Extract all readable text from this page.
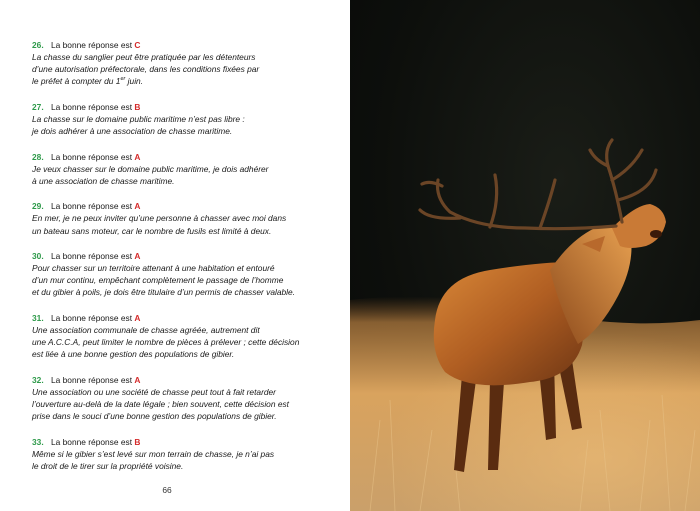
26. La bonne réponse est C
La chasse du sanglier peut être pratiquée par les détenteurs
d’une autorisation préfectorale, dans les conditions fixées par
le préfet à compter du 1er juin.
27. La bonne réponse est B
La chasse sur le domaine public maritime n’est pas libre :
je dois adhérer à une association de chasse maritime.
28. La bonne réponse est A
Je veux chasser sur le domaine public maritime, je dois adhérer
à une association de chasse maritime.
29. La bonne réponse est A
En mer, je ne peux inviter qu’une personne à chasser avec moi dans
un bateau sans moteur, car le nombre de fusils est limité à deux.
30. La bonne réponse est A
Pour chasser sur un territoire attenant à une habitation et entouré
d’un mur continu, empêchant complètement le passage de l’homme
et du gibier à poils, je dois être titulaire d’un permis de chasser valable.
31. La bonne réponse est A
Une association communale de chasse agréée, autrement dit
une A.C.C.A, peut limiter le nombre de pièces à prélever ; cette décision
est liée à une bonne gestion des populations de gibier.
32. La bonne réponse est A
Une association ou une société de chasse peut tout à fait retarder
l’ouverture au-delà de la date légale ; bien souvent, cette décision est
prise dans le souci d’une bonne gestion des populations de gibier.
33. La bonne réponse est B
Même si le gibier s’est levé sur mon terrain de chasse, je n’ai pas
le droit de le tirer sur la propriété voisine.
66
